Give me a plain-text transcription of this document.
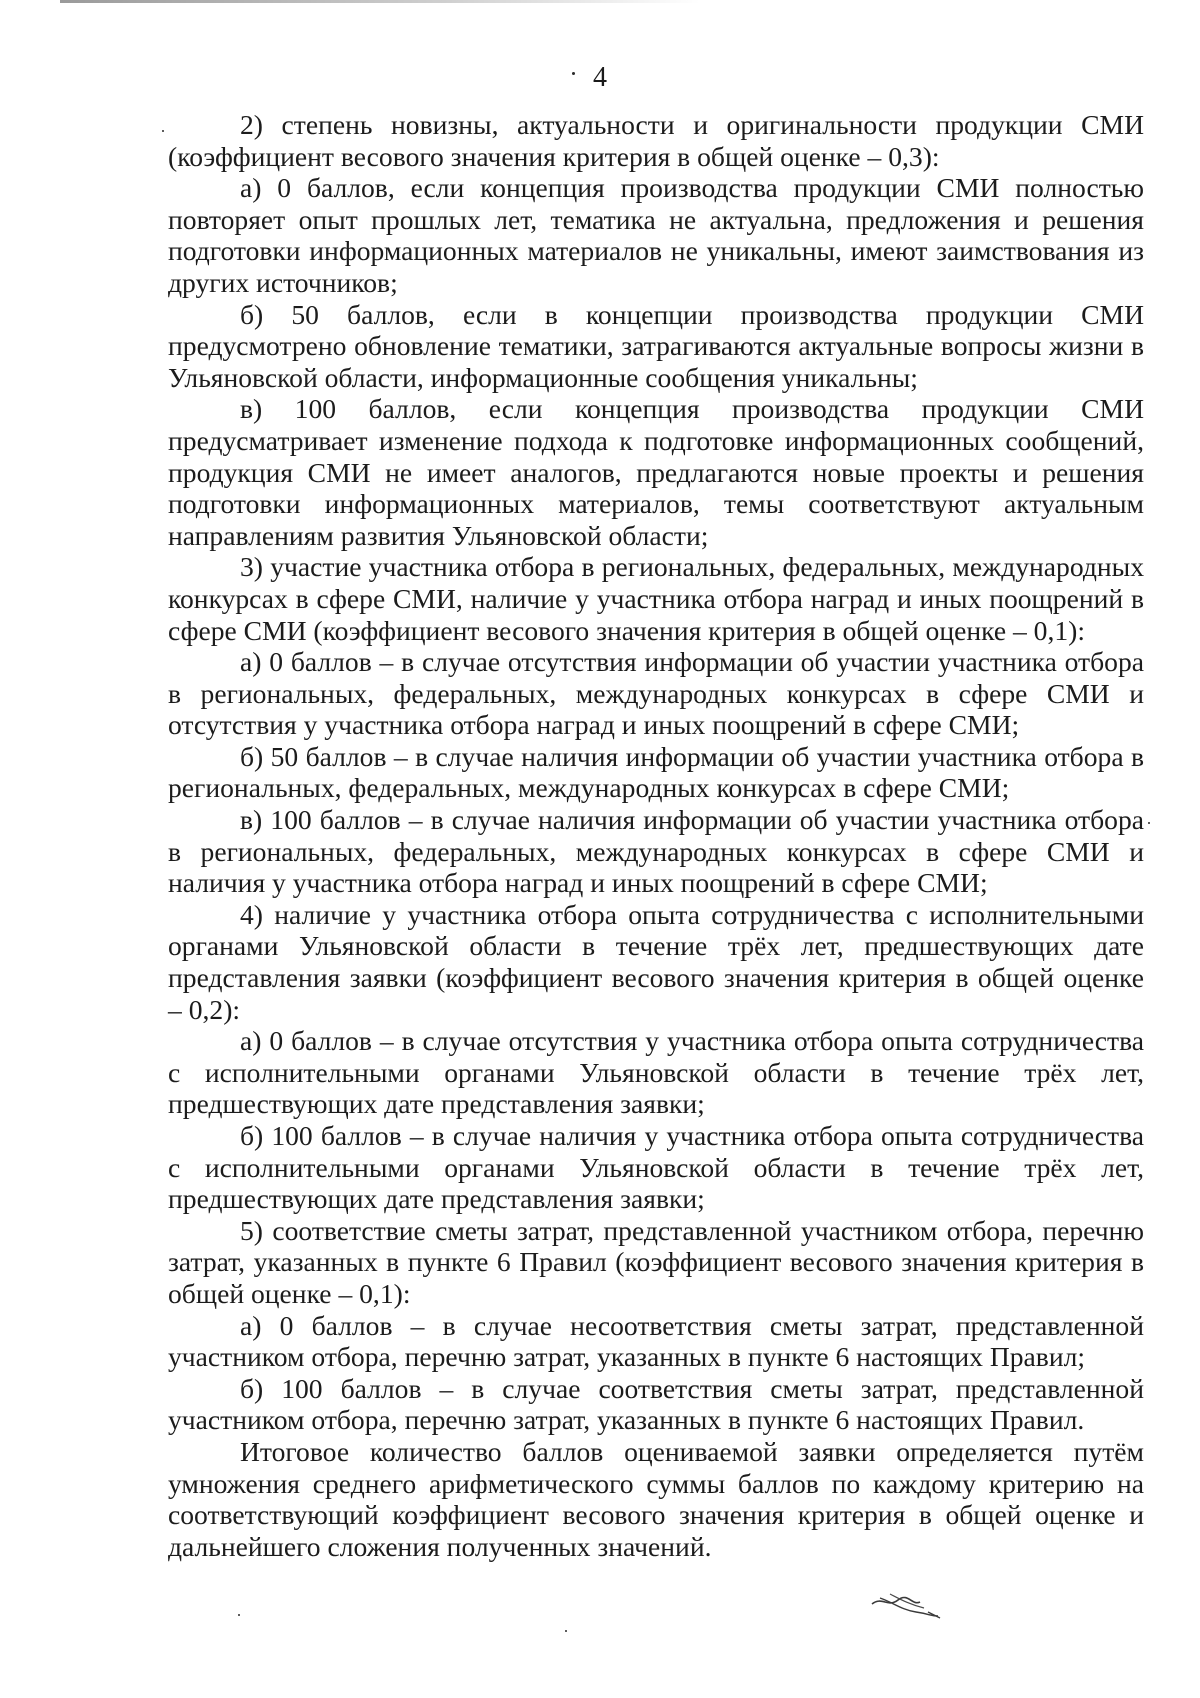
4

2) степень новизны, актуальности и оригинальности продукции СМИ (коэффициент весового значения критерия в общей оценке – 0,3):

а) 0 баллов, если концепция производства продукции СМИ полностью повторяет опыт прошлых лет, тематика не актуальна, предложения и решения подготовки информационных материалов не уникальны, имеют заимствования из других источников;

б) 50 баллов, если в концепции производства продукции СМИ предусмотрено обновление тематики, затрагиваются актуальные вопросы жизни в Ульяновской области, информационные сообщения уникальны;

в) 100 баллов, если концепция производства продукции СМИ предусматривает изменение подхода к подготовке информационных сообщений, продукция СМИ не имеет аналогов, предлагаются новые проекты и решения подготовки информационных материалов, темы соответствуют актуальным направлениям развития Ульяновской области;

3) участие участника отбора в региональных, федеральных, международных конкурсах в сфере СМИ, наличие у участника отбора наград и иных поощрений в сфере СМИ (коэффициент весового значения критерия в общей оценке – 0,1):

а) 0 баллов – в случае отсутствия информации об участии участника отбора в региональных, федеральных, международных конкурсах в сфере СМИ и отсутствия у участника отбора наград и иных поощрений в сфере СМИ;

б) 50 баллов – в случае наличия информации об участии участника отбора в региональных, федеральных, международных конкурсах в сфере СМИ;

в) 100 баллов – в случае наличия информации об участии участника отбора в региональных, федеральных, международных конкурсах в сфере СМИ и наличия у участника отбора наград и иных поощрений в сфере СМИ;

4) наличие у участника отбора опыта сотрудничества с исполнительными органами Ульяновской области в течение трёх лет, предшествующих дате представления заявки (коэффициент весового значения критерия в общей оценке – 0,2):

а) 0 баллов – в случае отсутствия у участника отбора опыта сотрудничества с исполнительными органами Ульяновской области в течение трёх лет, предшествующих дате представления заявки;

б) 100 баллов – в случае наличия у участника отбора опыта сотрудничества с исполнительными органами Ульяновской области в течение трёх лет, предшествующих дате представления заявки;

5) соответствие сметы затрат, представленной участником отбора, перечню затрат, указанных в пункте 6 Правил (коэффициент весового значения критерия в общей оценке – 0,1):

а) 0 баллов – в случае несоответствия сметы затрат, представленной участником отбора, перечню затрат, указанных в пункте 6 настоящих Правил;

б) 100 баллов – в случае соответствия сметы затрат, представленной участником отбора, перечню затрат, указанных в пункте 6 настоящих Правил.

Итоговое количество баллов оцениваемой заявки определяется путём умножения среднего арифметического суммы баллов по каждому критерию на соответствующий коэффициент весового значения критерия в общей оценке и дальнейшего сложения полученных значений.
